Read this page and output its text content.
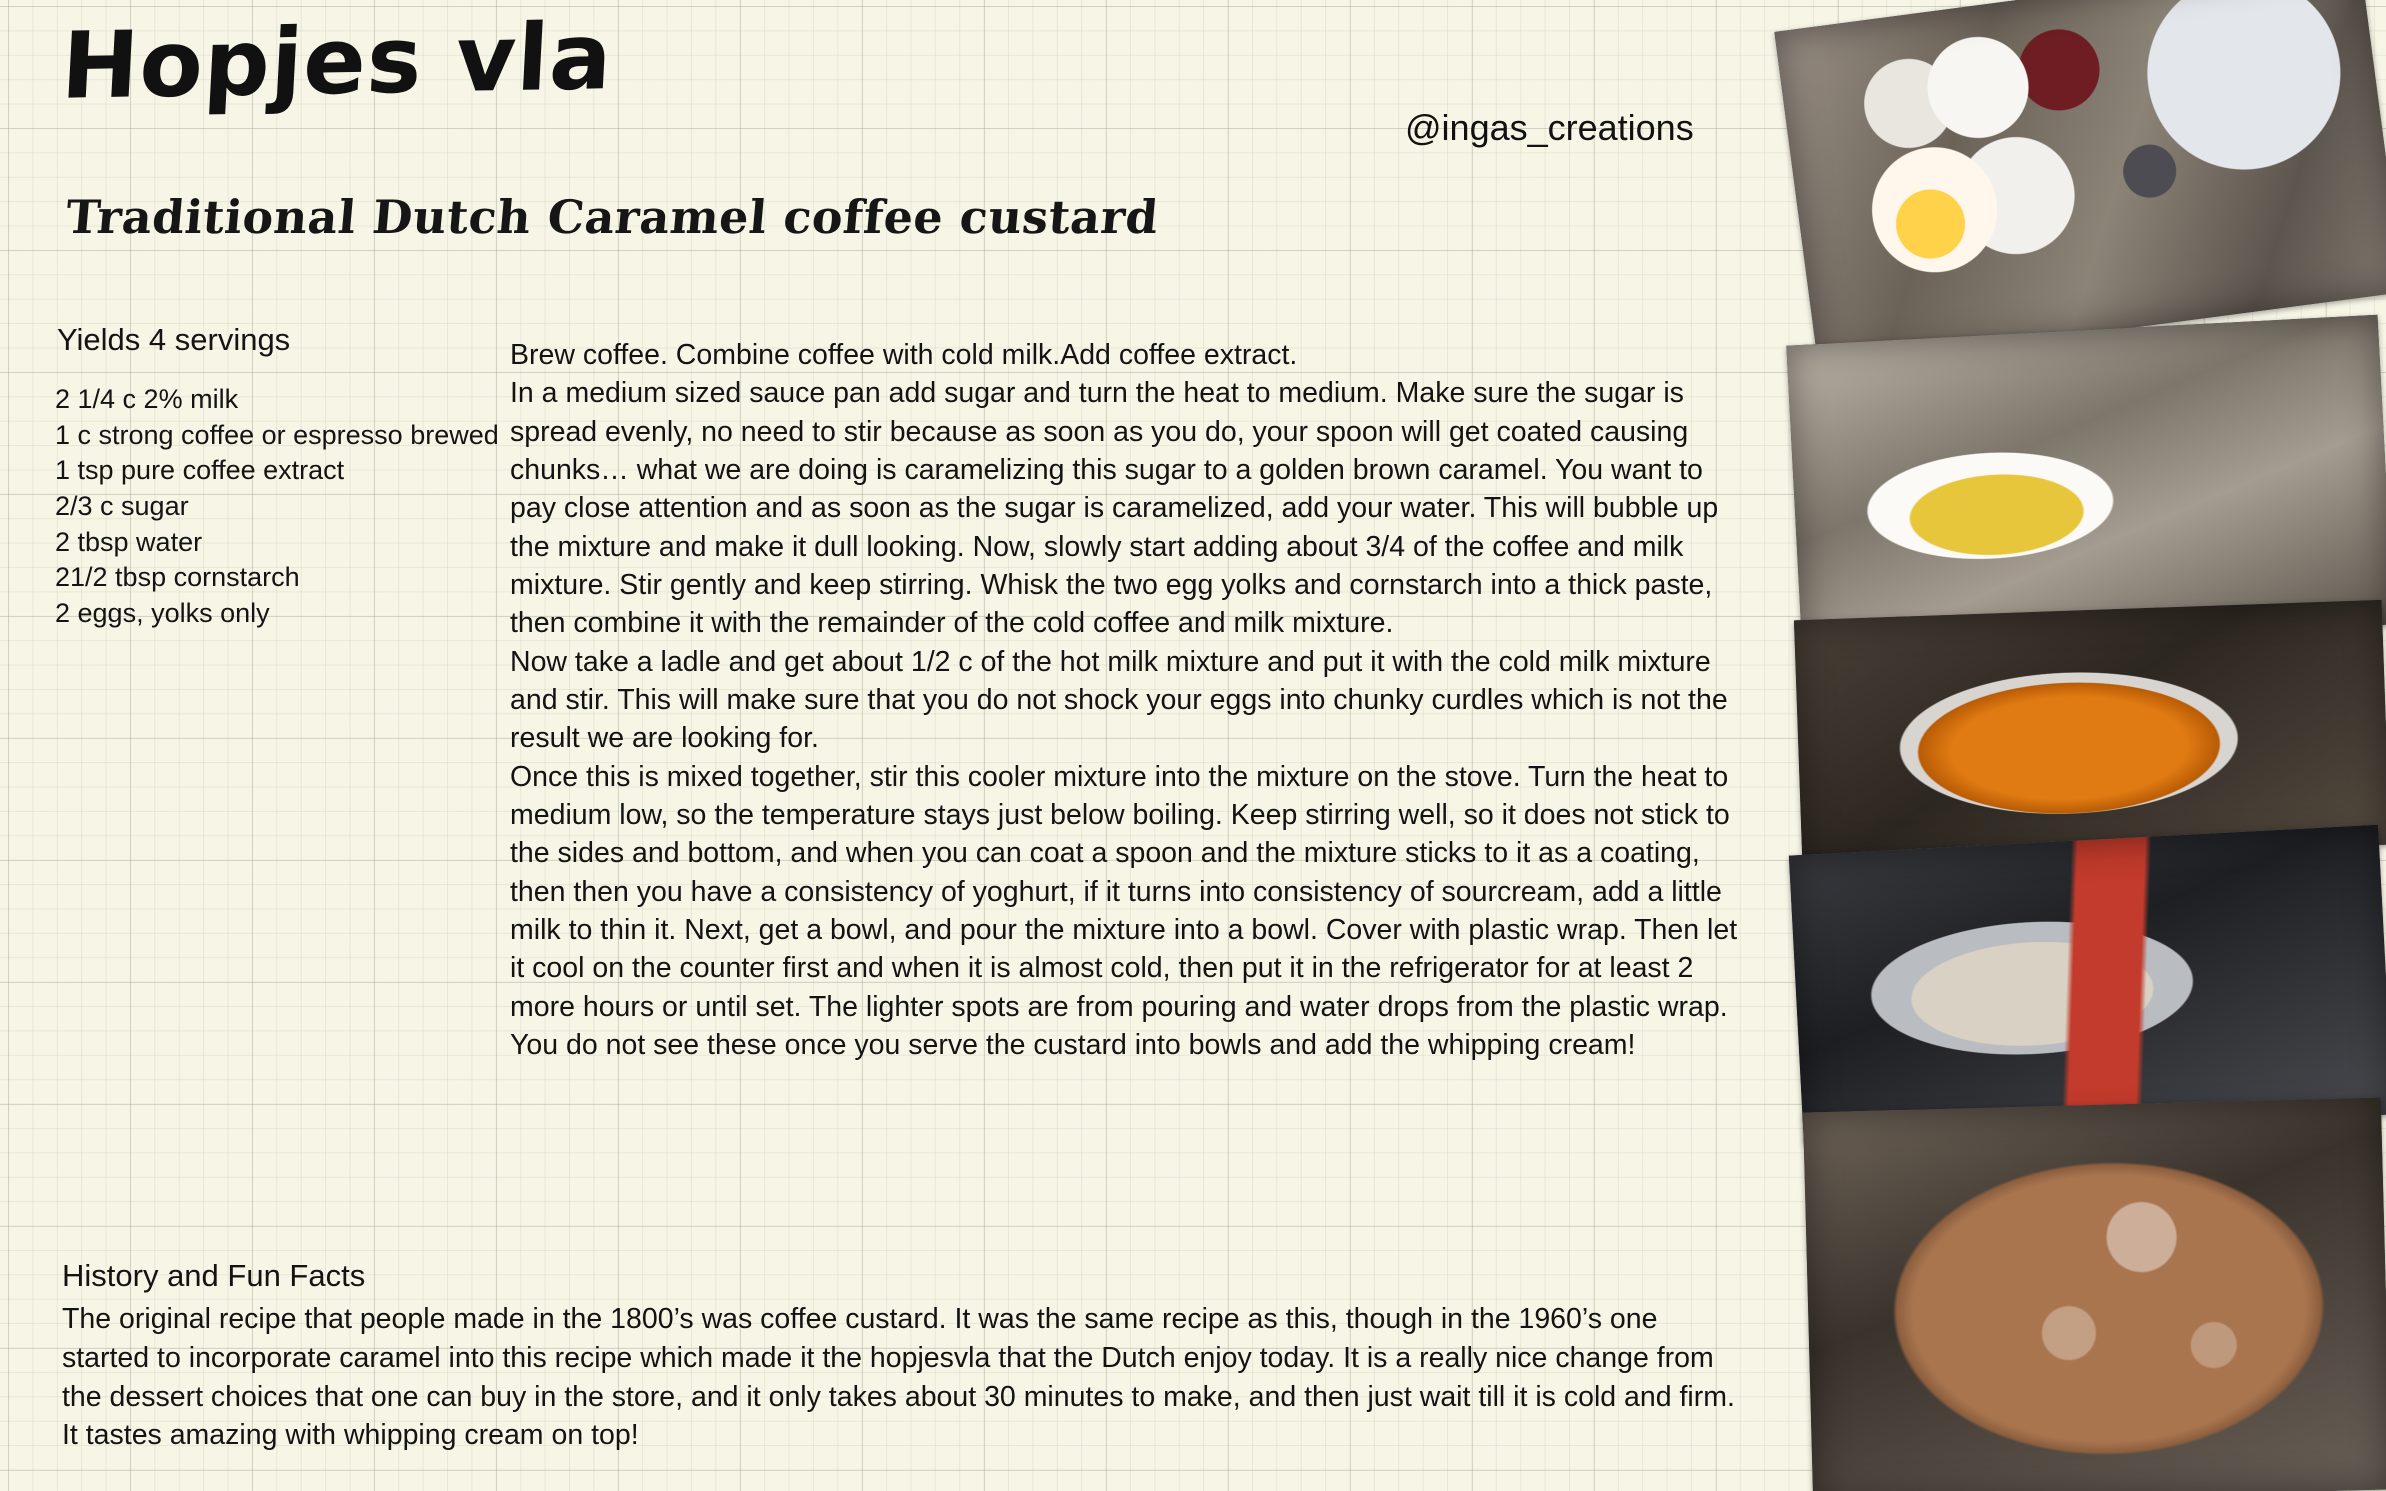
Hopjes vla
Traditional Dutch Caramel coffee custard
@ingas_creations
Yields 4 servings
2 1/4 c 2% milk
1 c strong coffee or espresso brewed
1 tsp pure coffee extract
2/3 c sugar
2 tbsp water
21/2 tbsp cornstarch
2 eggs, yolks only

Brew coffee. Combine coffee with cold milk.Add coffee extract.

In a medium sized sauce pan add sugar and turn the heat to medium. Make sure the sugar is spread evenly, no need to stir because as soon as you do, your spoon will get coated causing chunks… what we are doing is caramelizing this sugar to a golden brown caramel. You want to pay close attention and as soon as the sugar is caramelized, add your water. This will bubble up the mixture and make it dull looking. Now, slowly start adding about 3/4 of the coffee and milk mixture. Stir gently and keep stirring. Whisk the two egg yolks and cornstarch into a thick paste, then combine it with the remainder of the cold coffee and milk mixture.

Now take a ladle and get about 1/2 c of the hot milk mixture and put it with the cold milk mixture and stir. This will make sure that you do not shock your eggs into chunky curdles which is not the result we are looking for.

Once this is mixed together, stir this cooler mixture into the mixture on the stove. Turn the heat to medium low, so the temperature stays just below boiling. Keep stirring well, so it does not stick to the sides and bottom, and when you can coat a spoon and the mixture sticks to it as a coating, then then you have a consistency of yoghurt, if it turns into consistency of sourcream, add a little milk to thin it. Next, get a bowl, and pour the mixture into a bowl. Cover with plastic wrap. Then let it cool on the counter first and when it is almost cold, then put it in the refrigerator for at least 2 more hours or until set. The lighter spots are from pouring and water drops from the plastic wrap. You do not see these once you serve the custard into bowls and add the whipping cream!

History and Fun Facts
The original recipe that people made in the 1800’s was coffee custard. It was the same recipe as this, though in the 1960’s one started to incorporate caramel into this recipe which made it the hopjesvla that the Dutch enjoy today. It is a really nice change from the dessert choices that one can buy in the store, and it only takes about 30 minutes to make, and then just wait till it is cold and firm. It tastes amazing with whipping cream on top!
